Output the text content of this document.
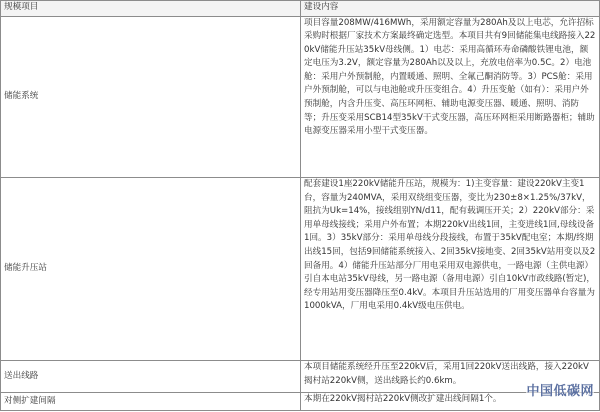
规模项目	建设内容
储能系统	项目容量208MW/416MWh，采用额定容量为280Ah及以上电芯，允许招标采购时根据厂家技术方案最终确定选型。本项目共有9回储能集电线路接入220kV储能升压站35kV母线侧。1）电芯：采用高循环寿命磷酸铁锂电池，额定电压为3.2V，额定容量为280Ah以及以上，充放电倍率为0.5C。2）电池舱：采用户外预制舱，内置暖通、照明、全氟己酮消防等。3）PCS舱：采用户外预制舱，可以与电池舱或升压变组合。4）升压变舱（如有）：采用户外预制舱，内含升压变、高压环网柜、辅助电源变压器、暖通、照明、消防等；升压变采用SCB14型35kV干式变压器，高压环网柜采用断路器柜；辅助电源变压器采用小型干式变压器。
储能升压站	配套建设1座220kV储能升压站，规模为：1)主变容量：建设220kV主变1台，容量为240MVA，采用双绕组变压器，变比为230±8×1.25%/37kV，阻抗为Uk=14%，接线组别YN/d11，配有载调压开关；2）220kV部分：采用单母线接线；采用户外布置；本期220kV出线1回，主变进线1回,母线设备1回。3）35kV部分：采用单母线分段接线，布置于35kV配电室；本期/终期出线15回，包括9回储能系统接入、2回35kV接地变、2回35kV站用变以及2回备用。4）储能升压站部分厂用电采用双电源供电，一路电源（主供电源）引自本电站35kV母线，另一路电源（备用电源）引自10kV市政线路(暂定)，经专用站用变压器降压至0.4kV。本项目升压站选用的厂用变压器单台容量为1000kVA，厂用电采用0.4kV级电压供电。
送出线路	本项目储能系统经升压至220kV后，采用1回220kV送出线路，接入220kV揭村站220kV侧，送出线路长约0.6km。
对侧扩建间隔	本期在220kV揭村站220kV侧改扩建出线间隔1个。
中国低碳网
